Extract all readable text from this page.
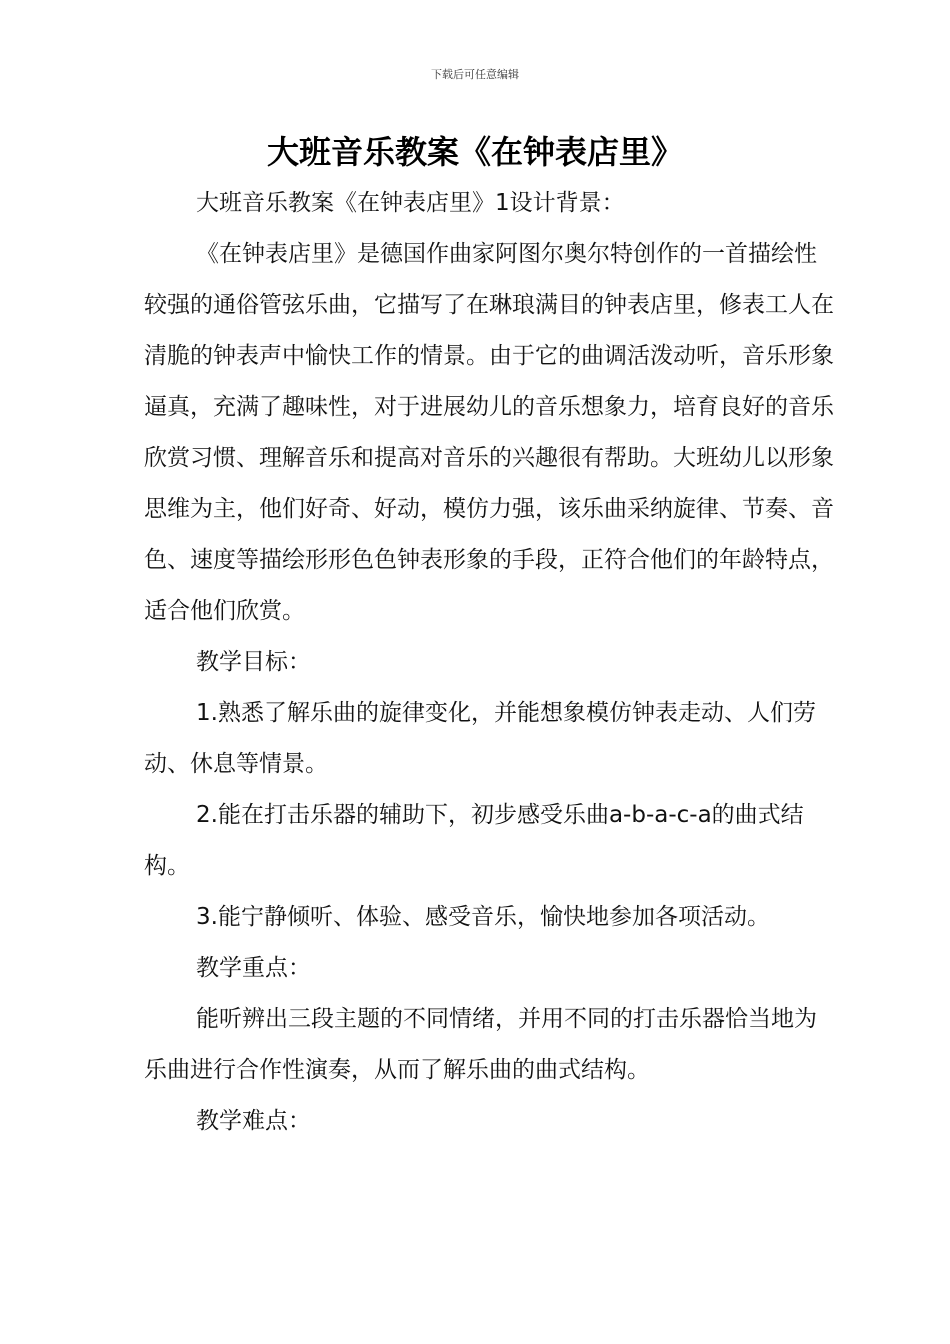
下载后可任意编辑
大班音乐教案《在钟表店里》

大班音乐教案《在钟表店里》1设计背景：

《在钟表店里》是德国作曲家阿图尔奥尔特创作的一首描绘性较强的通俗管弦乐曲，它描写了在琳琅满目的钟表店里，修表工人在清脆的钟表声中愉快工作的情景。由于它的曲调活泼动听，音乐形象逼真，充满了趣味性，对于进展幼儿的音乐想象力，培育良好的音乐欣赏习惯、理解音乐和提高对音乐的兴趣很有帮助。大班幼儿以形象思维为主，他们好奇、好动，模仿力强，该乐曲采纳旋律、节奏、音色、速度等描绘形形色色钟表形象的手段，正符合他们的年龄特点，适合他们欣赏。

教学目标：

1.熟悉了解乐曲的旋律变化，并能想象模仿钟表走动、人们劳动、休息等情景。

2.能在打击乐器的辅助下，初步感受乐曲a-b-a-c-a的曲式结构。

3.能宁静倾听、体验、感受音乐，愉快地参加各项活动。

教学重点：

能听辨出三段主题的不同情绪，并用不同的打击乐器恰当地为乐曲进行合作性演奏，从而了解乐曲的曲式结构。

教学难点：
